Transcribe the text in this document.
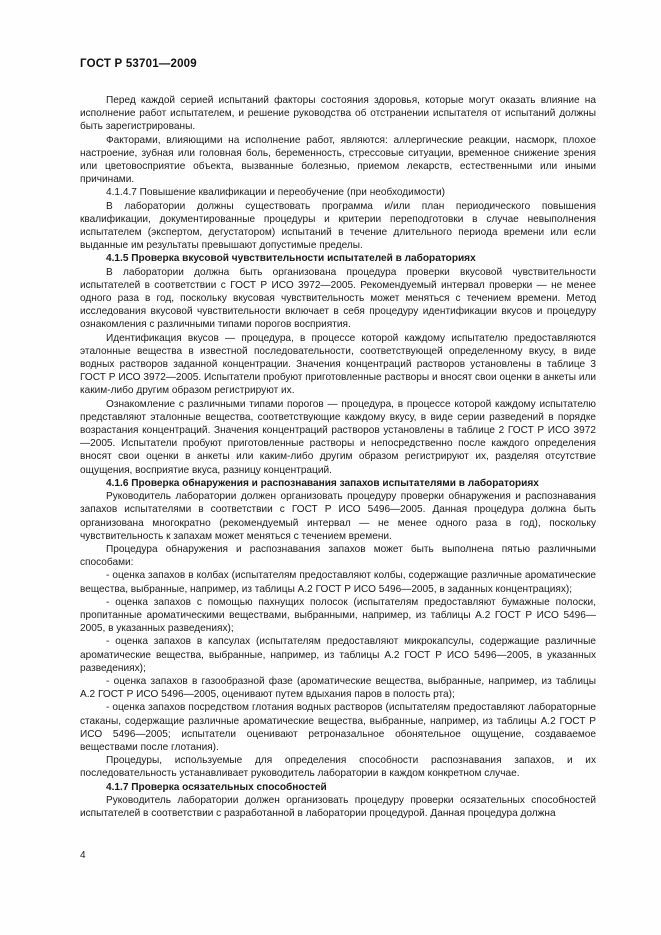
ГОСТ Р 53701—2009

Перед каждой серией испытаний факторы состояния здоровья, которые могут оказать влияние на исполнение работ испытателем, и решение руководства об отстранении испытателя от испытаний должны быть зарегистрированы.

Факторами, влияющими на исполнение работ, являются: аллергические реакции, насморк, плохое настроение, зубная или головная боль, беременность, стрессовые ситуации, временное снижение зрения или цветовосприятие объекта, вызванные болезнью, приемом лекарств, естественными или иными причинами.

4.1.4.7 Повышение квалификации и переобучение (при необходимости)

В лаборатории должны существовать программа и/или план периодического повышения квалификации, документированные процедуры и критерии переподготовки в случае невыполнения испытателем (экспертом, дегустатором) испытаний в течение длительного периода времени или если выданные им результаты превышают допустимые пределы.

4.1.5 Проверка вкусовой чувствительности испытателей в лабораториях

В лаборатории должна быть организована процедура проверки вкусовой чувствительности испытателей в соответствии с ГОСТ Р ИСО 3972—2005. Рекомендуемый интервал проверки — не менее одного раза в год, поскольку вкусовая чувствительность может меняться с течением времени. Метод исследования вкусовой чувствительности включает в себя процедуру идентификации вкусов и процедуру ознакомления с различными типами порогов восприятия.

Идентификация вкусов — процедура, в процессе которой каждому испытателю предоставляются эталонные вещества в известной последовательности, соответствующей определенному вкусу, в виде водных растворов заданной концентрации. Значения концентраций растворов установлены в таблице 3 ГОСТ Р ИСО 3972—2005. Испытатели пробуют приготовленные растворы и вносят свои оценки в анкеты или каким-либо другим образом регистрируют их.

Ознакомление с различными типами порогов — процедура, в процессе которой каждому испытателю представляют эталонные вещества, соответствующие каждому вкусу, в виде серии разведений в порядке возрастания концентраций. Значения концентраций растворов установлены в таблице 2 ГОСТ Р ИСО 3972—2005. Испытатели пробуют приготовленные растворы и непосредственно после каждого определения вносят свои оценки в анкеты или каким-либо другим образом регистрируют их, разделяя отсутствие ощущения, восприятие вкуса, разницу концентраций.

4.1.6 Проверка обнаружения и распознавания запахов испытателями в лабораториях

Руководитель лаборатории должен организовать процедуру проверки обнаружения и распознавания запахов испытателями в соответствии с ГОСТ Р ИСО 5496—2005. Данная процедура должна быть организована многократно (рекомендуемый интервал — не менее одного раза в год), поскольку чувствительность к запахам может меняться с течением времени.

Процедура обнаружения и распознавания запахов может быть выполнена пятью различными способами:

- оценка запахов в колбах (испытателям предоставляют колбы, содержащие различные ароматические вещества, выбранные, например, из таблицы А.2 ГОСТ Р ИСО 5496—2005, в заданных концентрациях);

- оценка запахов с помощью пахнущих полосок (испытателям предоставляют бумажные полоски, пропитанные ароматическими веществами, выбранными, например, из таблицы А.2 ГОСТ Р ИСО 5496—2005, в указанных разведениях);

- оценка запахов в капсулах (испытателям предоставляют микрокапсулы, содержащие различные ароматические вещества, выбранные, например, из таблицы А.2 ГОСТ Р ИСО 5496—2005, в указанных разведениях);

- оценка запахов в газообразной фазе (ароматические вещества, выбранные, например, из таблицы А.2 ГОСТ Р ИСО 5496—2005, оценивают путем вдыхания паров в полость рта);

- оценка запахов посредством глотания водных растворов (испытателям предоставляют лабораторные стаканы, содержащие различные ароматические вещества, выбранные, например, из таблицы А.2 ГОСТ Р ИСО 5496—2005; испытатели оценивают ретроназальное обонятельное ощущение, создаваемое веществами после глотания).

Процедуры, используемые для определения способности распознавания запахов, и их последовательность устанавливает руководитель лаборатории в каждом конкретном случае.

4.1.7 Проверка осязательных способностей

Руководитель лаборатории должен организовать процедуру проверки осязательных способностей испытателей в соответствии с разработанной в лаборатории процедурой. Данная процедура должна

4
